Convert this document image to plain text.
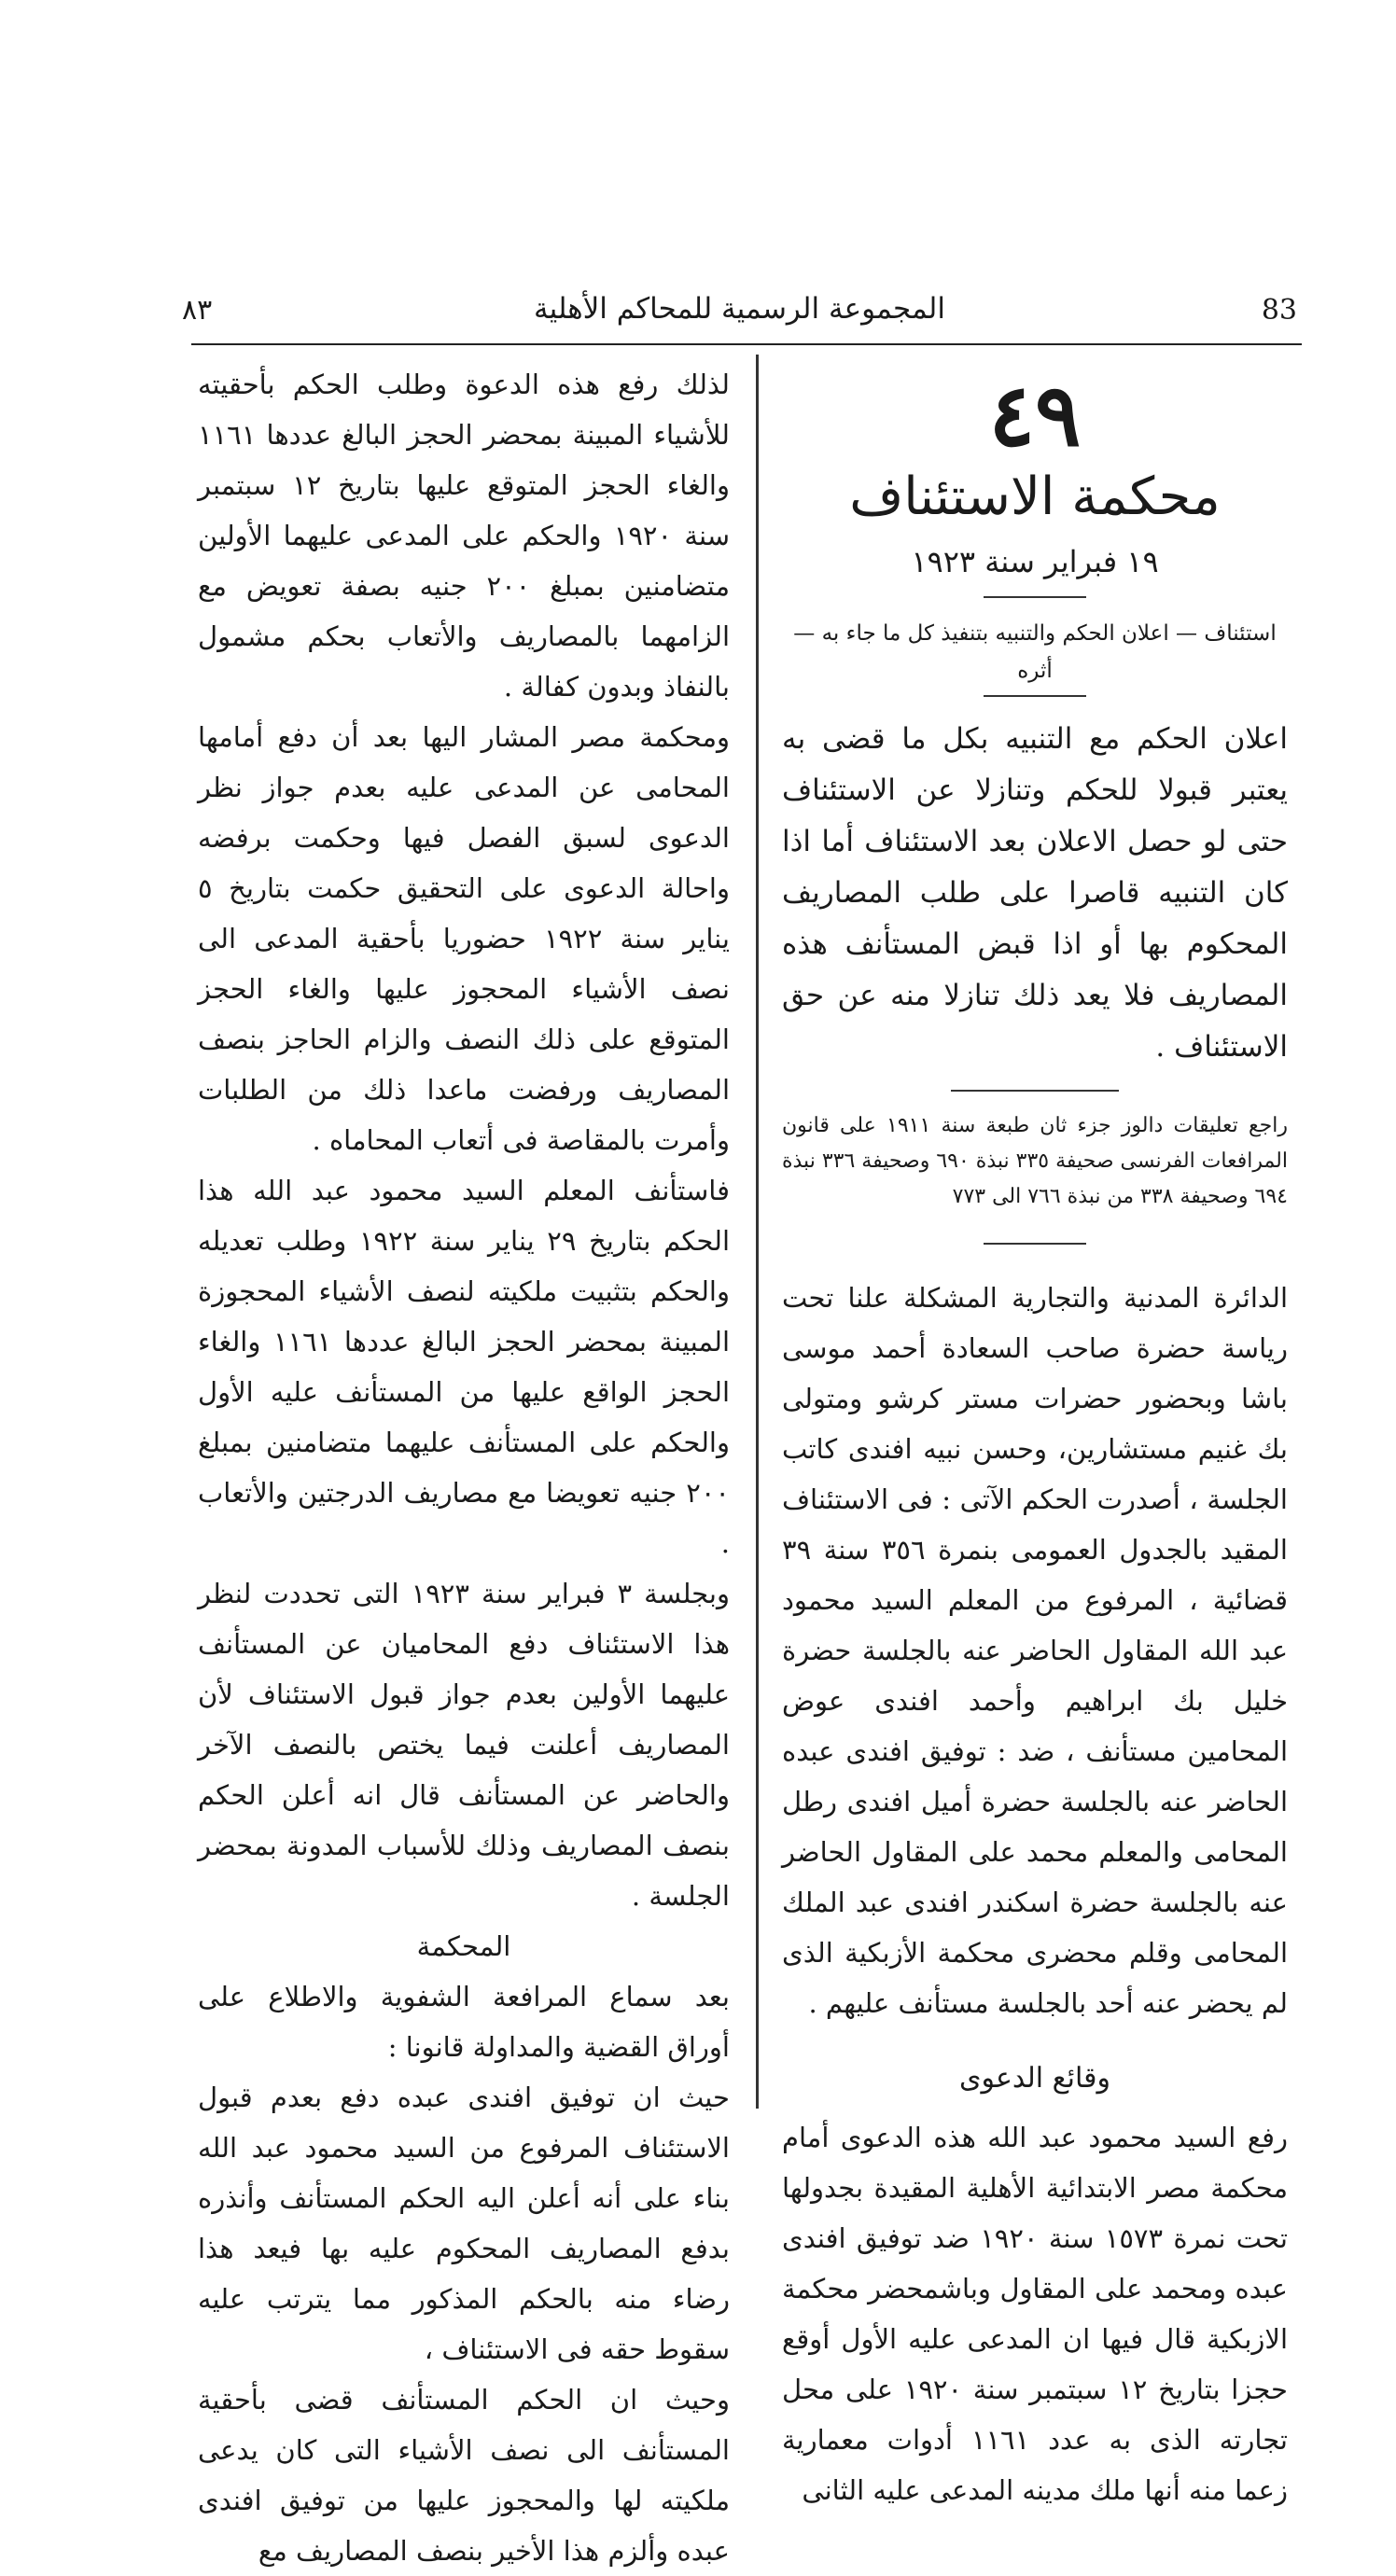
٨٣	المجموعة الرسمية للمحاكم الأهلية	83
٤٩
محكمة الاستئناف
١٩ فبراير سنة ١٩٢٣
استئناف — اعلان الحكم والتنبيه بتنفيذ كل ما جاء به — أثره

اعلان الحكم مع التنبيه بكل ما قضى به يعتبر قبولا للحكم وتنازلا عن الاستئناف حتى لو حصل الاعلان بعد الاستئناف أما اذا كان التنبيه قاصرا على طلب المصاريف المحكوم بها أو اذا قبض المستأنف هذه المصاريف فلا يعد ذلك تنازلا منه عن حق الاستئناف .

راجع تعليقات دالوز جزء ثان طبعة سنة ١٩١١ على قانون المرافعات الفرنسى صحيفة ٣٣٥ نبذة ٦٩٠ وصحيفة ٣٣٦ نبذة ٦٩٤ وصحيفة ٣٣٨ من نبذة ٧٦٦ الى ٧٧٣

الدائرة المدنية والتجارية المشكلة علنا تحت رياسة حضرة صاحب السعادة أحمد موسى باشا وبحضور حضرات مستر كرشو ومتولى بك غنيم مستشارين، وحسن نبيه افندى كاتب الجلسة ، أصدرت الحكم الآتى : فى الاستئناف المقيد بالجدول العمومى بنمرة ٣٥٦ سنة ٣٩ قضائية ، المرفوع من المعلم السيد محمود عبد الله المقاول الحاضر عنه بالجلسة حضرة خليل بك ابراهيم وأحمد افندى عوض المحامين مستأنف ، ضد : توفيق افندى عبده الحاضر عنه بالجلسة حضرة أميل افندى رطل المحامى والمعلم محمد على المقاول الحاضر عنه بالجلسة حضرة اسكندر افندى عبد الملك المحامى وقلم محضرى محكمة الأزبكية الذى لم يحضر عنه أحد بالجلسة مستأنف عليهم .

وقائع الدعوى

رفع السيد محمود عبد الله هذه الدعوى أمام محكمة مصر الابتدائية الأهلية المقيدة بجدولها تحت نمرة ١٥٧٣ سنة ١٩٢٠ ضد توفيق افندى عبده ومحمد على المقاول وباشمحضر محكمة الازبكية قال فيها ان المدعى عليه الأول أوقع حجزا بتاريخ ١٢ سبتمبر سنة ١٩٢٠ على محل تجارته الذى به عدد ١١٦١ أدوات معمارية زعما منه أنها ملك مدينه المدعى عليه الثانى

لذلك رفع هذه الدعوة وطلب الحكم بأحقيته للأشياء المبينة بمحضر الحجز البالغ عددها ١١٦١ والغاء الحجز المتوقع عليها بتاريخ ١٢ سبتمبر سنة ١٩٢٠ والحكم على المدعى عليهما الأولين متضامنين بمبلغ ٢٠٠ جنيه بصفة تعويض مع الزامهما بالمصاريف والأتعاب بحكم مشمول بالنفاذ وبدون كفالة .

ومحكمة مصر المشار اليها بعد أن دفع أمامها المحامى عن المدعى عليه بعدم جواز نظر الدعوى لسبق الفصل فيها وحكمت برفضه واحالة الدعوى على التحقيق حكمت بتاريخ ٥ يناير سنة ١٩٢٢ حضوريا بأحقية المدعى الى نصف الأشياء المحجوز عليها والغاء الحجز المتوقع على ذلك النصف والزام الحاجز بنصف المصاريف ورفضت ماعدا ذلك من الطلبات وأمرت بالمقاصة فى أتعاب المحاماه .

فاستأنف المعلم السيد محمود عبد الله هذا الحكم بتاريخ ٢٩ يناير سنة ١٩٢٢ وطلب تعديله والحكم بتثبيت ملكيته لنصف الأشياء المحجوزة المبينة بمحضر الحجز البالغ عددها ١١٦١ والغاء الحجز الواقع عليها من المستأنف عليه الأول والحكم على المستأنف عليهما متضامنين بمبلغ ٢٠٠ جنيه تعويضا مع مصاريف الدرجتين والأتعاب .

وبجلسة ٣ فبراير سنة ١٩٢٣ التى تحددت لنظر هذا الاستئناف دفع المحاميان عن المستأنف عليهما الأولين بعدم جواز قبول الاستئناف لأن المصاريف أعلنت فيما يختص بالنصف الآخر والحاضر عن المستأنف قال انه أعلن الحكم بنصف المصاريف وذلك للأسباب المدونة بمحضر الجلسة .

المحكمة

بعد سماع المرافعة الشفوية والاطلاع على أوراق القضية والمداولة قانونا :

حيث ان توفيق افندى عبده دفع بعدم قبول الاستئناف المرفوع من السيد محمود عبد الله بناء على أنه أعلن اليه الحكم المستأنف وأنذره بدفع المصاريف المحكوم عليه بها فيعد هذا رضاء منه بالحكم المذكور مما يترتب عليه سقوط حقه فى الاستئناف ،

وحيث ان الحكم المستأنف قضى بأحقية المستأنف الى نصف الأشياء التى كان يدعى ملكيته لها والمحجوز عليها من توفيق افندى عبده وألزم هذا الأخير بنصف المصاريف مع
